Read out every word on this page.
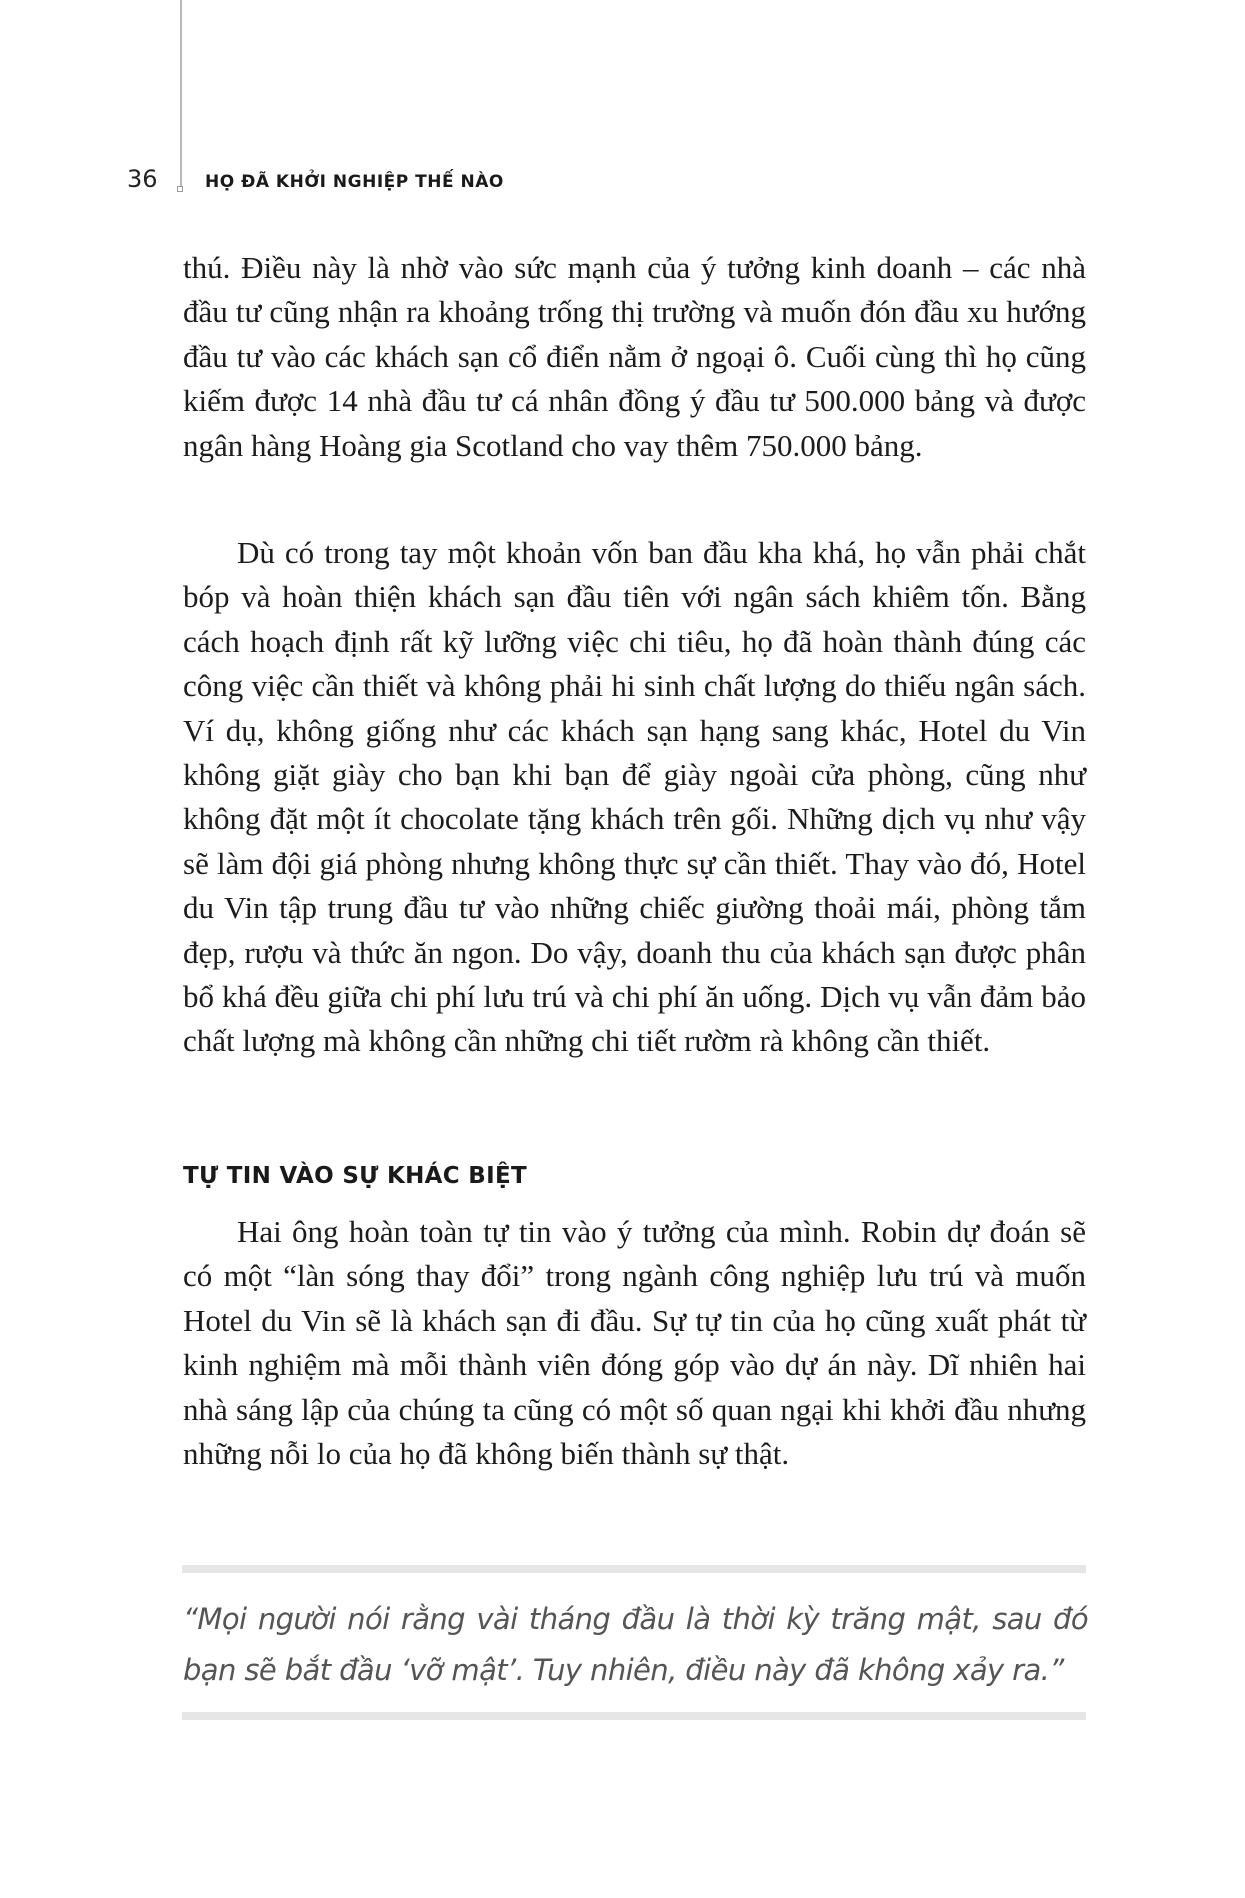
36	HỌ ĐÃ KHỞI NGHIỆP THẾ NÀO

thú. Điều này là nhờ vào sức mạnh của ý tưởng kinh doanh – các nhà đầu tư cũng nhận ra khoảng trống thị trường và muốn đón đầu xu hướng đầu tư vào các khách sạn cổ điển nằm ở ngoại ô. Cuối cùng thì họ cũng kiếm được 14 nhà đầu tư cá nhân đồng ý đầu tư 500.000 bảng và được ngân hàng Hoàng gia Scotland cho vay thêm 750.000 bảng.

Dù có trong tay một khoản vốn ban đầu kha khá, họ vẫn phải chắt bóp và hoàn thiện khách sạn đầu tiên với ngân sách khiêm tốn. Bằng cách hoạch định rất kỹ lưỡng việc chi tiêu, họ đã hoàn thành đúng các công việc cần thiết và không phải hi sinh chất lượng do thiếu ngân sách. Ví dụ, không giống như các khách sạn hạng sang khác, Hotel du Vin không giặt giày cho bạn khi bạn để giày ngoài cửa phòng, cũng như không đặt một ít chocolate tặng khách trên gối. Những dịch vụ như vậy sẽ làm đội giá phòng nhưng không thực sự cần thiết. Thay vào đó, Hotel du Vin tập trung đầu tư vào những chiếc giường thoải mái, phòng tắm đẹp, rượu và thức ăn ngon. Do vậy, doanh thu của khách sạn được phân bổ khá đều giữa chi phí lưu trú và chi phí ăn uống. Dịch vụ vẫn đảm bảo chất lượng mà không cần những chi tiết rườm rà không cần thiết.

TỰ TIN VÀO SỰ KHÁC BIỆT

Hai ông hoàn toàn tự tin vào ý tưởng của mình. Robin dự đoán sẽ có một “làn sóng thay đổi” trong ngành công nghiệp lưu trú và muốn Hotel du Vin sẽ là khách sạn đi đầu. Sự tự tin của họ cũng xuất phát từ kinh nghiệm mà mỗi thành viên đóng góp vào dự án này. Dĩ nhiên hai nhà sáng lập của chúng ta cũng có một số quan ngại khi khởi đầu nhưng những nỗi lo của họ đã không biến thành sự thật.

“Mọi người nói rằng vài tháng đầu là thời kỳ trăng mật, sau đó bạn sẽ bắt đầu ‘vỡ mật’. Tuy nhiên, điều này đã không xảy ra.”
